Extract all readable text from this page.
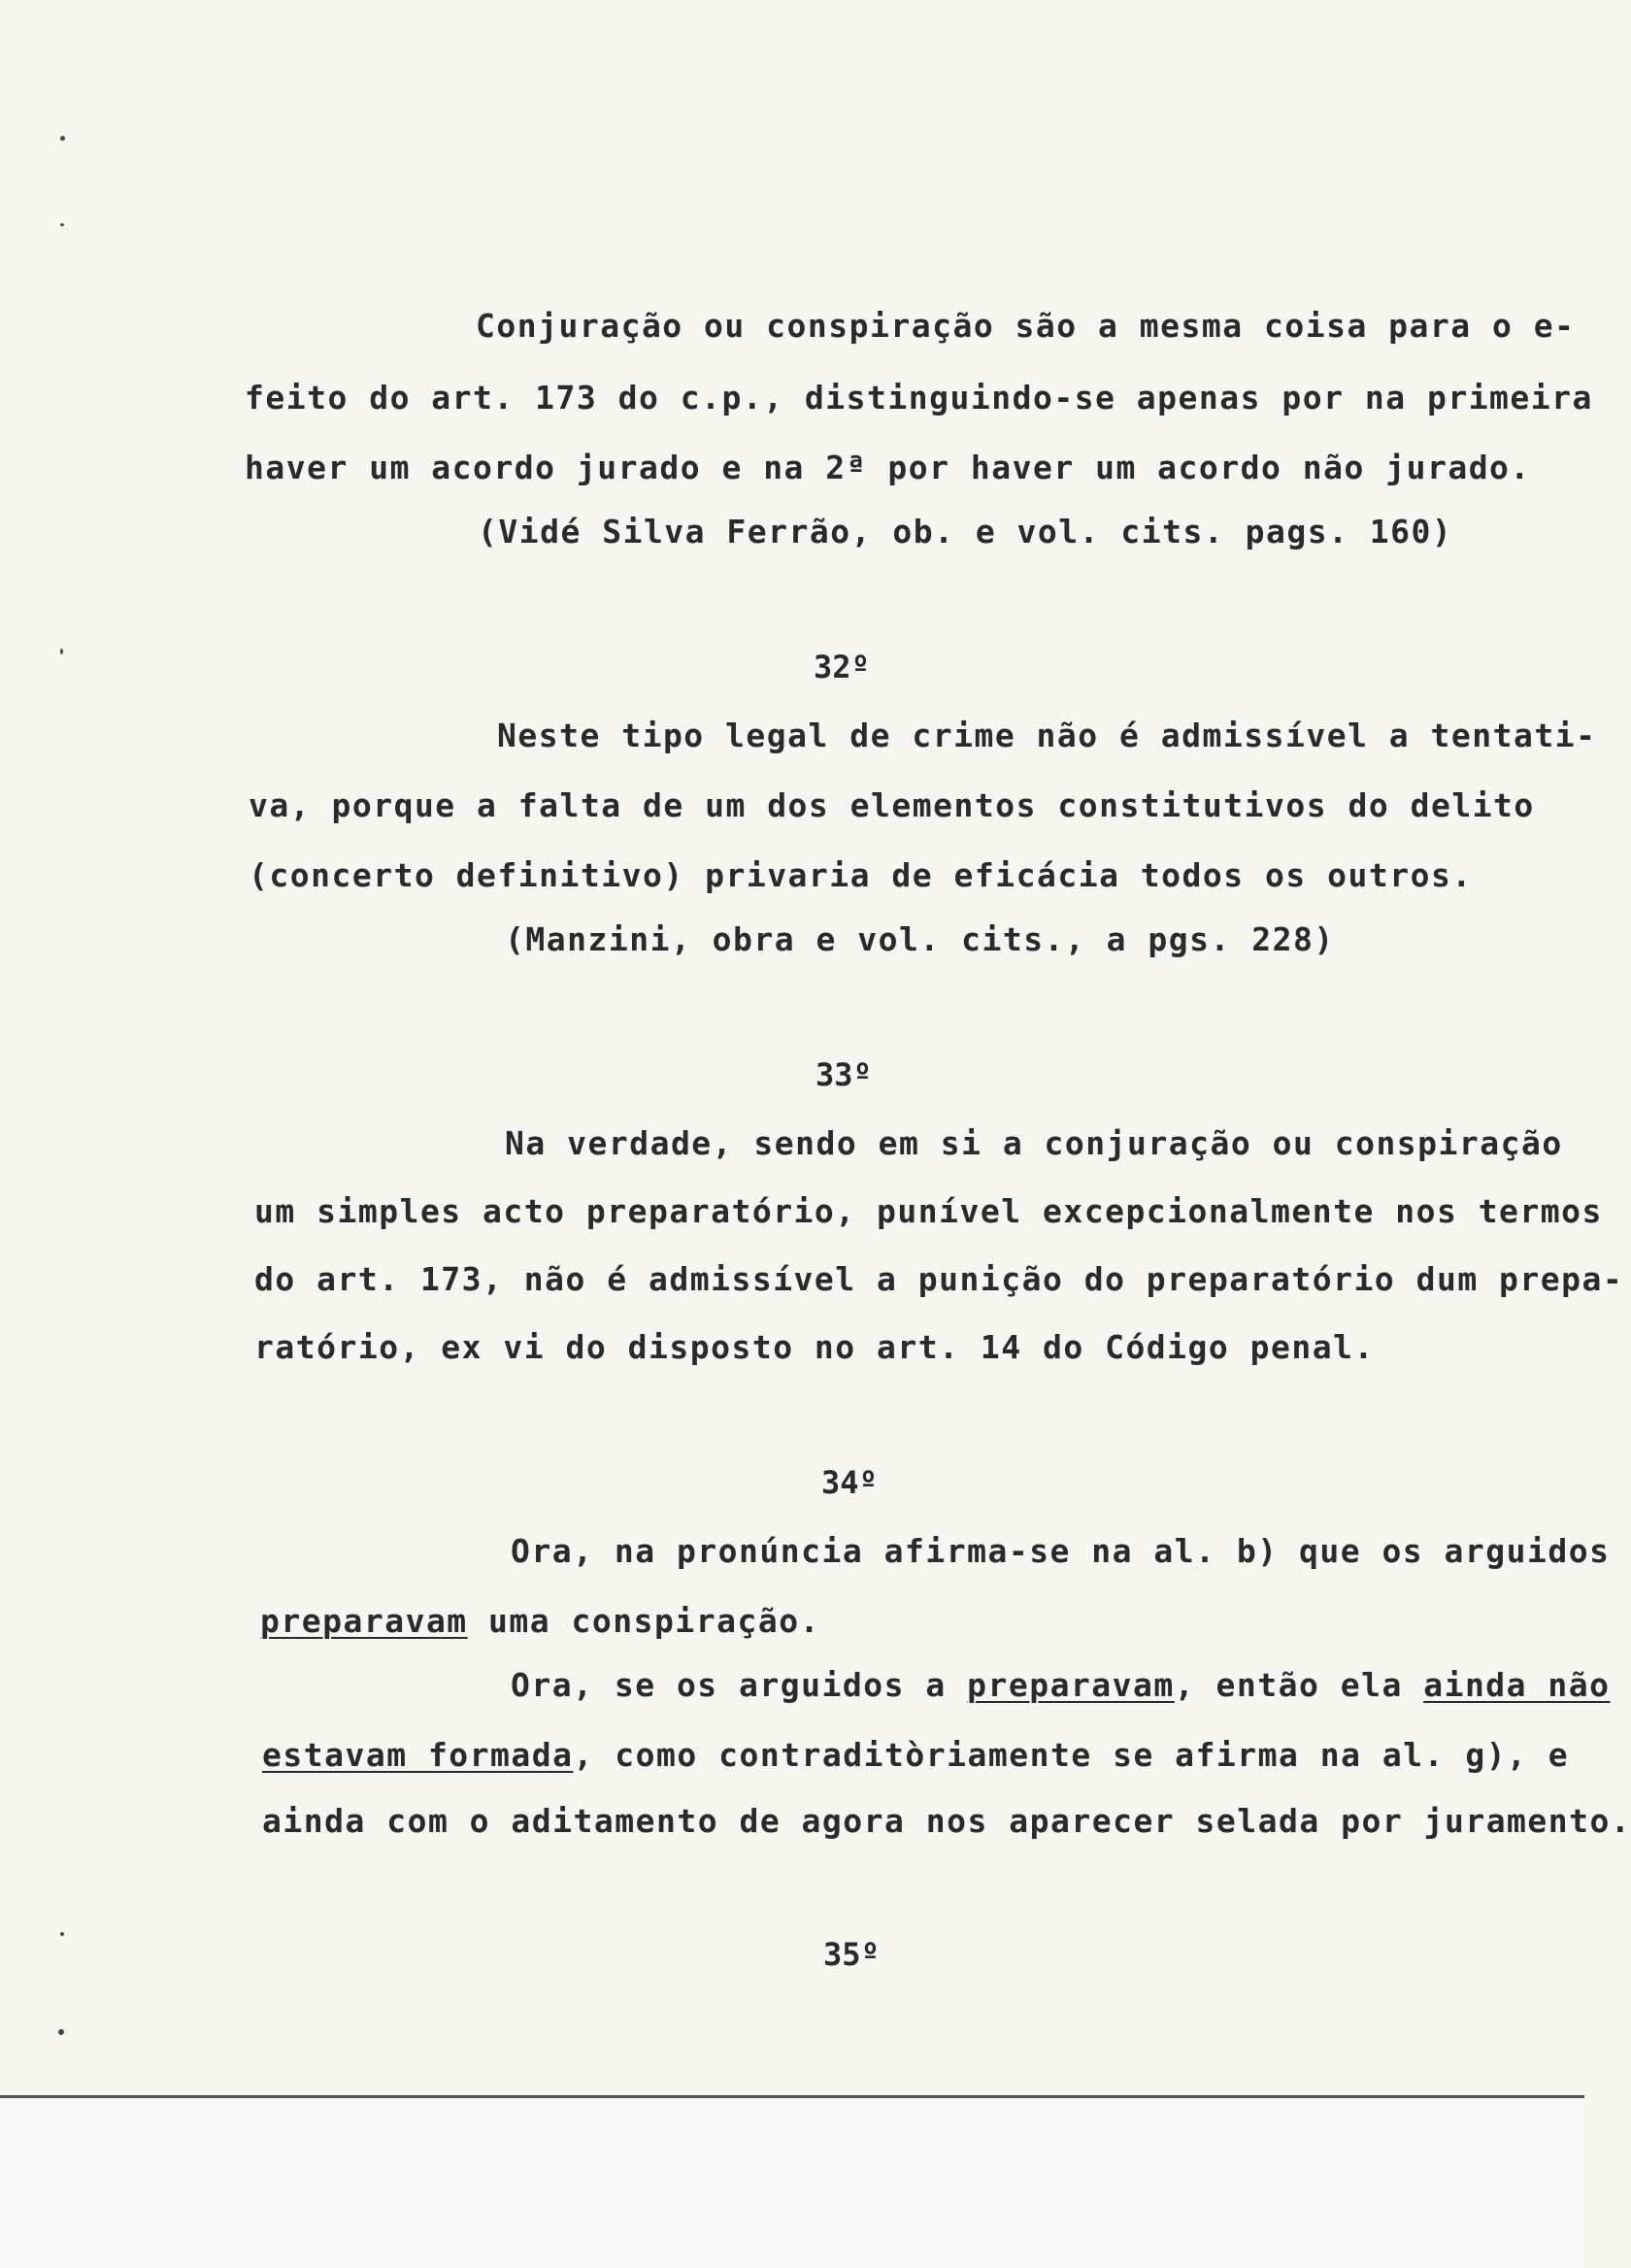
Conjuração ou conspiração são a mesma coisa para o e-
feito do art. 173 do c.p., distinguindo-se apenas por na primeira
haver um acordo jurado e na 2ª por haver um acordo não jurado.
(Vidé Silva Ferrão, ob. e vol. cits. pags. 160)
32º
Neste tipo legal de crime não é admissível a tentati-
va, porque a falta de um dos elementos constitutivos do delito
(concerto definitivo) privaria de eficácia todos os outros.
(Manzini, obra e vol. cits., a pgs. 228)
33º
Na verdade, sendo em si a conjuração ou conspiração
um simples acto preparatório, punível excepcionalmente nos termos
do art. 173, não é admissível a punição do preparatório dum prepa-
ratório, ex vi do disposto no art. 14 do Código penal.
34º
Ora, na pronúncia afirma-se na al. b) que os arguidos
preparavam uma conspiração.
Ora, se os arguidos a preparavam, então ela ainda não
estavam formada, como contraditòriamente se afirma na al. g), e
ainda com o aditamento de agora nos aparecer selada por juramento.
35º
